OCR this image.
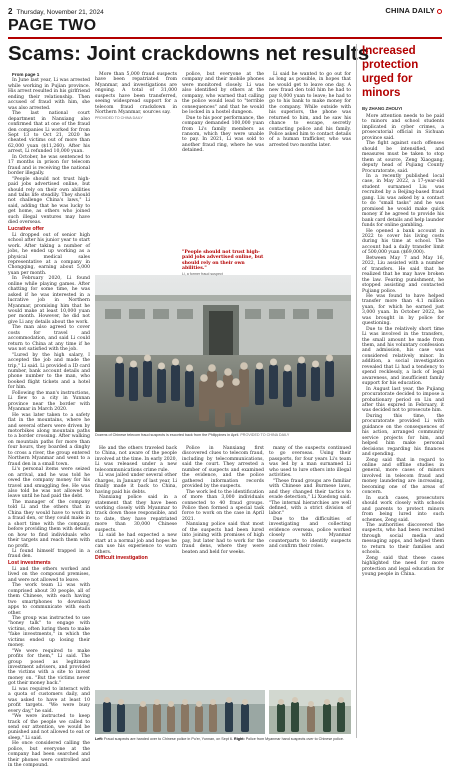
2 Thursday, November 21, 2024	CHINA DAILY
PAGE TWO
Scams: Joint crackdowns net results

From page 1

In June last year, Li was arrested while working in Pujian province. His arrest resulted in his girlfriend ending their relationship. Then accused of fraud with him, she was also arrested.

The last national court department in Nanxiang also confirmed that at one of the fraud den companies Li worked for from Sept 13 to Oct 21, 2020 he cheated victims out of more than 62,000 yuan ($11,260). After his arrest, Li refunded 10,000 yuan.

In October, he was sentenced to 17 months in prison for telecom fraud and is receiving the national border illegally.

"People should not trust high-paid jobs advertised online, but should rely on their own abilities and talks life steadily. They should not challenge China's laws," Li said, adding that he was lucky to get home, as others who joined such illegal ventures may have died overseas.

Lucrative offer

Li dropped out of senior high school after his junior year to start work. After taking a number of jobs, he ended up working as a physical medical sales representative at a company in Chongqing, earning about 5,000 yuan per month.

In February 2020, Li found online while playing games. After chatting for some time, he was asked if he was interested in a lucrative job in Northern Myanmar, promising him that he would make at least 10,000 yuan per month. However, he did not give Li any details about the work.

The man also agreed to cover costs for travel and accommodation, and said Li could return to China at any time if he was not satisfied with the job.

"Lured by the high salary, I accepted the job and made the trip," Li said. Li provided a ID card number, bank account details and phone number to the man, who booked flight tickets and a hotel for him.

Following the man's instructions, Li flew to a city in Yunnan province near the border with Myanmar in March 2020.

He was later taken to a safety flat in the mountains, where he and several others were driven by motorbikes along mountain paths to a border crossing. After walking on mountain paths for more than four hours, they boarded a dinghy to cross a river, the group entered Northern Myanmar and went to a fraud den in a small town.

Li's personal items were seized on arrival, and he was told he owed the company money for his travel and smuggling fee. He was also told he was not allowed to leave until he had paid the debt.

The manager of the company told Li and the others that in China they would have to work in a fraud den, or they could make in a short time with the company, before providing them with details on how to find individuals who their targets and reach them with no profit.

Li found himself trapped in a fraud den.

Lost investments

Li and the others worked and lived on the compound premises, and were not allowed to leave.

The work team Li was with comprised about 30 people, all of them Chinese, with each having two smartphones to download apps to communicate with each other.

The group was instructed to use "honey talk" to engage with victims, often luring them to make "fake investments," in which the victims ended up losing their money.

"We were required to make profits for them," Li said. The group posed as legitimate investment advisers, and provided the victims with a site to invest money on. "But the victims never got their money back."

Li was required to interact with a quota of customers daily, and was asked to have at least 10 profit targets. "We were busy every day," he said.

"We were instructed to keep track of the people we called to send our attention, we would be punished and not allowed to eat or sleep," Li said.

He once considered calling the police, but everyone at the company had been searched and their phones were controlled and in the compound.

More than 5,000 fraud suspects have been repatriated from Myanmar, and investigations are ongoing. A total of 31,000 suspects have been transferred, seeing widespread support for a telecom fraud crackdown in Northern Myanmar, sources say.

PROVIDED TO CHINA DAILY

police, but everyone at the company and their mobile phones were monitored closely. Li was also identified by others at the company, who warned that calling the police would lead to "terrible consequences" and that he would be locked in a hostel dungeon.

Due to his poor performance, the company demanded 100,000 yuan from Li's family members as ransom, which they were unable to pay. In 2021, Li was sold to another fraud ring, where he was detained.

Li said he wanted to go out for as long as possible, in hopes that he would get to leave one day. A new fraud den told him he had to pay 8,000 yuan to leave; he had to go to his bank to make money for the company. While outside with his superiors, the phone was returned to him, and he saw his chance to escape, secretly contacting police and his family. Police asked him to contact details of a human trafficker, who was arrested two months later.

"People should not trust high-paid jobs advertised online, but should rely on their own abilities."
Li, a former fraud suspect
Dozens of Chinese telecom fraud suspects is escorted back from the Philippines in April. PROVIDED TO CHINA DAILY

He and the others traveled back to China, not aware of the people involved at the time. In early 2020, Li was released under a new telecommunications crime rule.

Li was jailed under several other charges, in January of last year, Li finally made it back to China, having paid his debts.

Nanxiang police said in a statement that they have been working closely with Myanmar to track down those responsible, and to date, they have repatriated more than 30,000 Chinese suspects.

Li said he had expected a new start at a normal job and hopes he can use his experience to warn others.

Difficult investigation

Police in Nanxiang first discovered clues to telecom fraud, including by telecommunications, said the court. They arrested a number of suspects and examined the evidence, and the police gathered information records provided by the suspects.

The work led to the identification of more than 3,000 individuals connected to 40 fraud groups. Police then formed a special task force to work on the case in April 2021.

Nanxiang police said that most of the suspects had been lured into joining with promises of high pay, but later had to work for the fraud dens, where they were beaten and held for weeks.

many of the suspects continued to go overseas. Using their passports, for four years Li's team was led by a man surnamed Li who used to lure others into illegal activities.

"These fraud groups are familiar with Chinese and Burmese laws, and they changed their tactics to evade detection," Li Xuedong said. "The internal hierarchies are well defined, with a strict division of labor."

Due to the difficulties of investigating and collecting evidence overseas, police worked closely with Myanmar counterparts to identify suspects and confirm their roles.

Left: Fraud suspects are handed over to Chinese police in Pu'er, Yunnan, on Sept 6. Right: Police from Myanmar hand suspects over to Chinese police.
Increased protection urged for minors
By ZHANG ZHOUYI

More attention needs to be paid to minors and school students implicated in cyber crimes, a prosecutorial official in Sichuan province said.

The fight against such offenses should be intensified, and measures must be taken to stop them at source, Zeng Xiaogang, deputy head of Pujiang County Procuratorate, said.

In a recently published local case, in May 2022, a 17-year-old student surnamed Liu was recruited by a Beijing-based fraud gang. Liu was asked by a contact to do "small tasks" and he was promised he would make quick money if he agreed to provide his bank card details and help launder funds for online gambling.

He opened a bank account in 2022 to cover his living costs during his time at school. The account had a daily transfer limit of 500,000 yuan ($69,000).

Between May 7 and May 16, 2022, Liu assisted with a number of transfers. He said that he realized that he may have broken the law. Fearing punishment, he stopped assisting and contacted Pujiang police.

He was found to have helped transfer more than 4.1 million yuan, for which he earned just 3,000 yuan. In October 2022, he was brought in by police for questioning.

Due to the relatively short time Li was involved in the transfers, the small amount he made from them, and his voluntary confession and admission, his case was considered relatively minor. In addition, a social investigation revealed that Li had a tendency to spend recklessly, a lack of legal awareness, and insufficient family support for his education.

In August last year, the Pujiang procuratorate decided to impose a probationary period on Liu and after this expired in February, it was decided not to prosecute him.

During this time, the procuratorate provided Li with guidance on the consequences of his action, arranged community service projects for him, and helped him make personal decisions regarding his finances and spending.

Zeng said that in regard to online and offline studies in general, more cases of minors involved in telecom fraud and money laundering are increasing, becoming one of the areas of concern.

In such cases, prosecutors should work closely with schools and parents to protect minors from being lured into such schemes, Zeng said.

The authorities discovered the suspects, who had been recruited through social media and messaging apps, and helped them to return to their families and schools.

Zeng said that these cases highlighted the need for more protection and legal education for young people in China.
